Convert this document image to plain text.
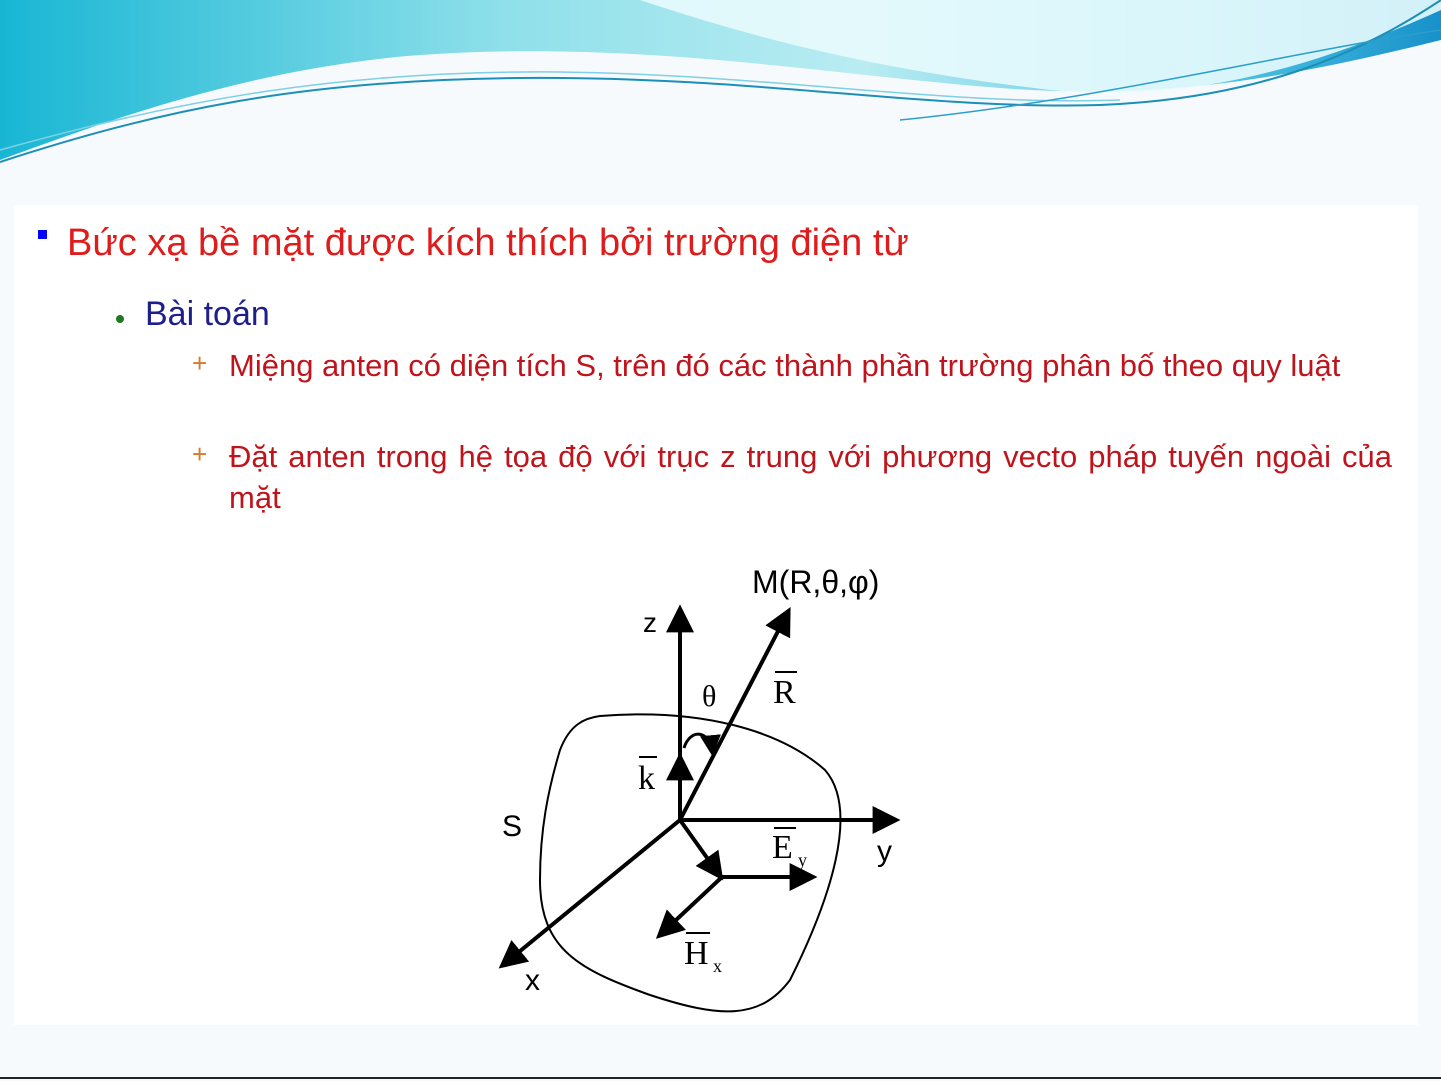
Bức xạ bề mặt được kích thích bởi trường điện từ
Bài toán
+ Miệng anten có diện tích S, trên đó các thành phần trường phân bố theo quy luật
+ Đặt anten trong hệ tọa độ với trục z trung với phương vecto pháp tuyến ngoài của mặt
M(R,θ,φ)
z
y
x
S
θ R
k
E y
H x
